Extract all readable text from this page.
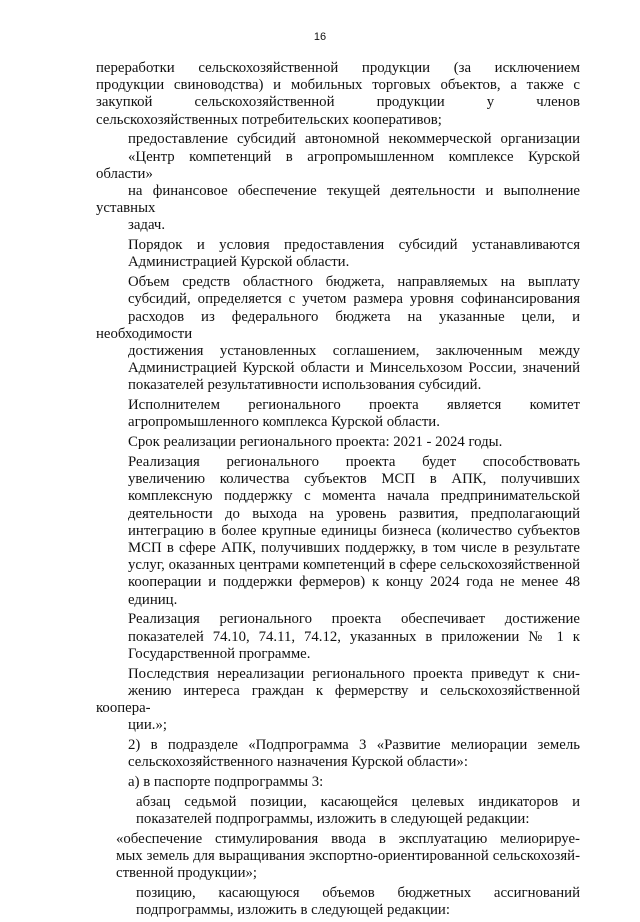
16
переработки сельскохозяйственной продукции (за исключением
продукции свиноводства) и мобильных торговых объектов, а также с
закупкой сельскохозяйственной продукции у членов
сельскохозяйственных потребительских кооперативов;
предоставление субсидий автономной некоммерческой организации
«Центр компетенций в агропромышленном комплексе Курской области»
на финансовое обеспечение текущей деятельности и выполнение уставных
задач.
Порядок и условия предоставления субсидий устанавливаются
Администрацией Курской области.
Объем средств областного бюджета, направляемых на выплату
субсидий, определяется с учетом размера уровня софинансирования
расходов из федерального бюджета на указанные цели, и необходимости
достижения установленных соглашением, заключенным между
Администрацией Курской области и Минсельхозом России, значений
показателей результативности использования субсидий.
Исполнителем регионального проекта является комитет
агропромышленного комплекса Курской области.
Срок реализации регионального проекта: 2021 - 2024 годы.
Реализация регионального проекта будет способствовать
увеличению количества субъектов МСП в АПК, получивших
комплексную поддержку с момента начала предпринимательской
деятельности до выхода на уровень развития, предполагающий
интеграцию в более крупные единицы бизнеса (количество субъектов
МСП в сфере АПК, получивших поддержку, в том числе в результате
услуг, оказанных центрами компетенций в сфере сельскохозяйственной
кооперации и поддержки фермеров) к концу 2024 года не менее 48
единиц.
Реализация регионального проекта обеспечивает достижение
показателей 74.10, 74.11, 74.12, указанных в приложении № 1 к
Государственной программе.
Последствия нереализации регионального проекта приведут к сни-
жению интереса граждан к фермерству и сельскохозяйственной коопера-
ции.»;
2) в подразделе «Подпрограмма 3 «Развитие мелиорации земель
сельскохозяйственного назначения Курской области»:
а) в паспорте подпрограммы 3:
абзац седьмой позиции, касающейся целевых индикаторов и
показателей подпрограммы, изложить в следующей редакции:
«обеспечение стимулирования ввода в эксплуатацию мелиорируе-
мых земель для выращивания экспортно-ориентированной сельскохозяй-
ственной продукции»;
позицию, касающуюся объемов бюджетных ассигнований
подпрограммы, изложить в следующей редакции:
